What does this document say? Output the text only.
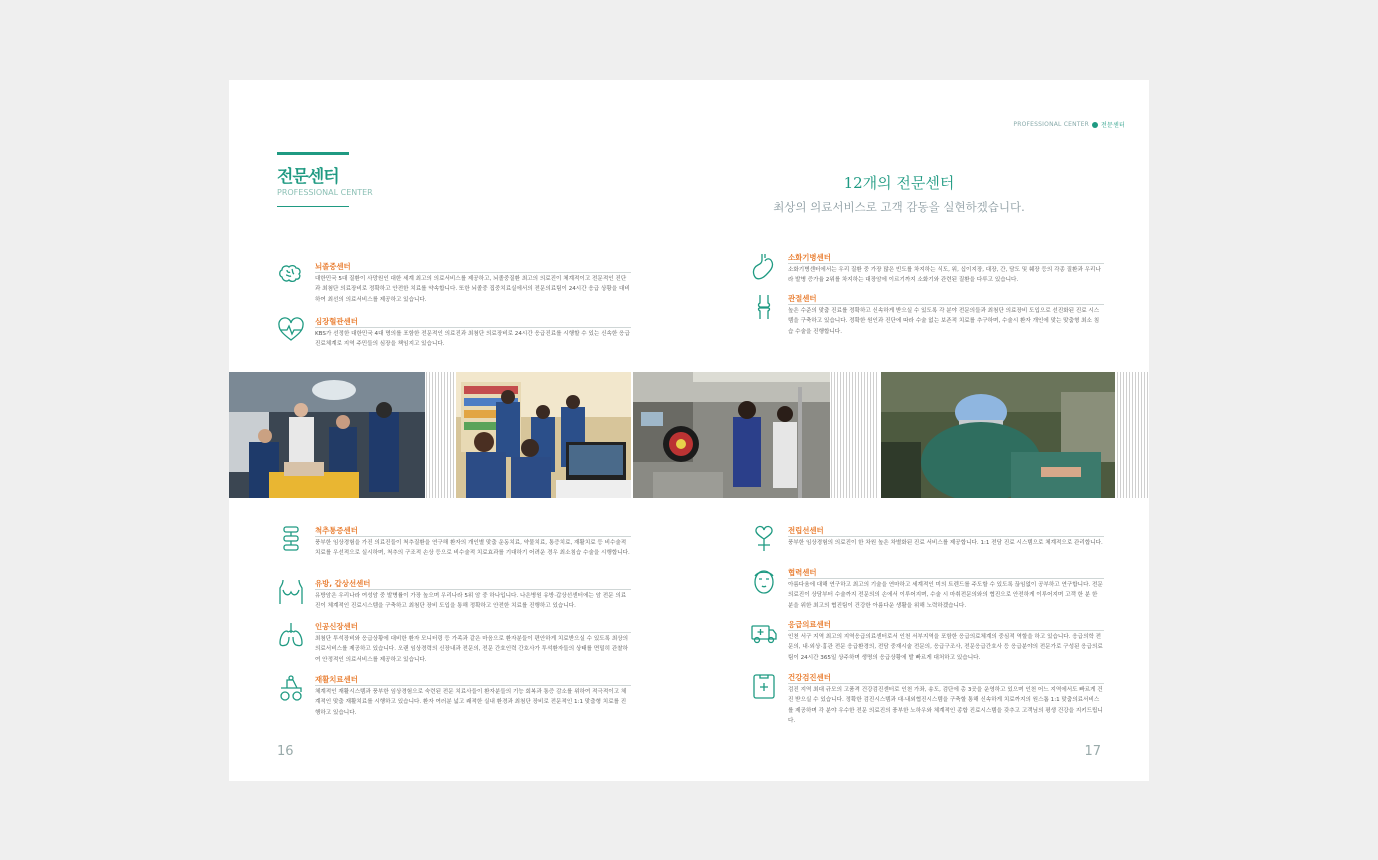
PROFESSIONAL CENTER 전문센터
전문센터
PROFESSIONAL CENTER
12개의 전문센터
최상의 의료서비스로 고객 감동을 실현하겠습니다.
뇌졸중센터
대한민국 5대 질환이 사망원인 대한 세계 최고의 의료서비스를 제공하고, 뇌졸중질환 최고의 의료진이 체계적이고 전문적인 진단과 최첨단 의료장비로 정확하고 안전한 치료를 약속합니다. 또한 뇌졸중 집중치료실에서의 전문의료팀이 24시간 응급 상황을 대비하여 최선의 의료서비스를 제공하고 있습니다.
심장혈관센터
KBS가 선정한 대한민국 4대 명의를 포함한 전문적인 의료진과 최첨단 의료장비로 24시간 응급진료를 시행할 수 있는 신속한 응급진료체계로 지역 주민들의 심장을 책임지고 있습니다.
소화기병센터
소화기병센터에서는 우리 질환 중 가장 많은 빈도를 차지하는 식도, 위, 십이지장, 대장, 간, 담도 및 췌장 등의 각종 질환과 우리나라 발병 증가율 2위를 차지하는 대장암에 이르기까지 소화기와 관련된 질환을 다루고 있습니다.
관절센터
높은 수준의 맞춤 진료를 정확하고 신속하게 받으실 수 있도록 각 분야 전문의들과 최첨단 의료장비 도입으로 선진화된 진료 시스템을 구축하고 있습니다. 정확한 원인과 진단에 따라 수술 없는 보존적 치료를 추구하며, 수술시 환자 개인에 맞는 맞춤형 최소 침습 수술을 진행합니다.
척추통증센터
풍부한 임상경험을 가진 의료진들이 척추질환을 연구해 환자의 개인별 맞춤 운동치료, 약물치료, 통증치료, 재활치료 등 비수술적 치료를 우선적으로 실시하며, 척추의 구조적 손상 등으로 비수술적 치료효과를 기대하기 어려운 경우 최소침습 수술을 시행합니다.
유방, 갑상선센터
유방암은 우리나라 여성암 중 발병률이 가장 높으며 우리나라 5위 암 중 하나입니다. 나은병원 유방·갑상선센터에는 암 전문 의료진이 체계적인 진료시스템을 구축하고 최첨단 장비 도입을 통해 정확하고 안전한 치료를 진행하고 있습니다.
인공신장센터
최첨단 투석장비와 응급상황에 대비한 환자 모니터링 등 가족과 같은 마음으로 환자분들이 편안하게 치료받으실 수 있도록 최상의 의료서비스를 제공하고 있습니다. 오랜 임상경력의 신장내과 전문의, 전문 간호인력 간호사가 투석환자들의 상태를 면밀히 관찰하여 안정적인 의료서비스를 제공하고 있습니다.
재활치료센터
체계적인 재활시스템과 풍부한 임상경험으로 숙련된 전문 치료사들이 환자분들의 기능 회복과 통증 감소를 위하여 적극적이고 체계적인 맞춤 재활치료를 시행하고 있습니다. 환자 여러분 넓고 쾌적한 실내 환경과 최첨단 장비로 전문적인 1:1 맞춤형 치료를 진행하고 있습니다.
전립선센터
풍부한 임상경험의 의료진이 한 차원 높은 차별화된 진료 서비스를 제공합니다. 1:1 전담 진료 시스템으로 체계적으로 관리합니다.
협력센터
아름다움에 대해 연구하고 최고의 기술을 연마하고 세계적인 미의 트렌드를 주도할 수 있도록 끊임없이 공부하고 연구합니다. 전문 의료진이 상담부터 수술까지 전문의의 손에서 이루어지며, 수술 시 마취전문의와의 협진으로 안전하게 이루어지며 고객 한 분 한 분을 위한 최고의 협진팀이 건강한 아름다운 생활을 위해 노력하겠습니다.
응급의료센터
인천 서구 지역 최고의 지역응급의료센터로서 인천 서부지역을 포함한 응급의료체계의 중심적 역할을 하고 있습니다. 응급의학 전문의, 내·외상·흉관 전문 응급환경의, 전담 중재시술 전문의, 응급구조사, 전문응급간호사 등 응급분야의 전문가로 구성된 응급의료팀이 24시간 365일 상주하며 생명의 응급상황에 발 빠르게 대처하고 있습니다.
건강검진센터
검진 지역 최대 규모의 고품격 건강검진센터로 인천 가좌, 송도, 검단에 총 3곳을 운영하고 있으며 인천 어느 지역에서도 빠르게 건진 받으실 수 있습니다. 정확한 검진시스템과 대·내외협진시스템을 구축할 통해 신속하게 치료까지의 원스톱 1:1 맞춤의료서비스를 제공하며 각 분야 우수한 전문 의료진의 풍부한 노하우와 체계적인 종합 진료시스템을 갖추고 고객님의 평생 건강을 지키드립니다.
16	17
